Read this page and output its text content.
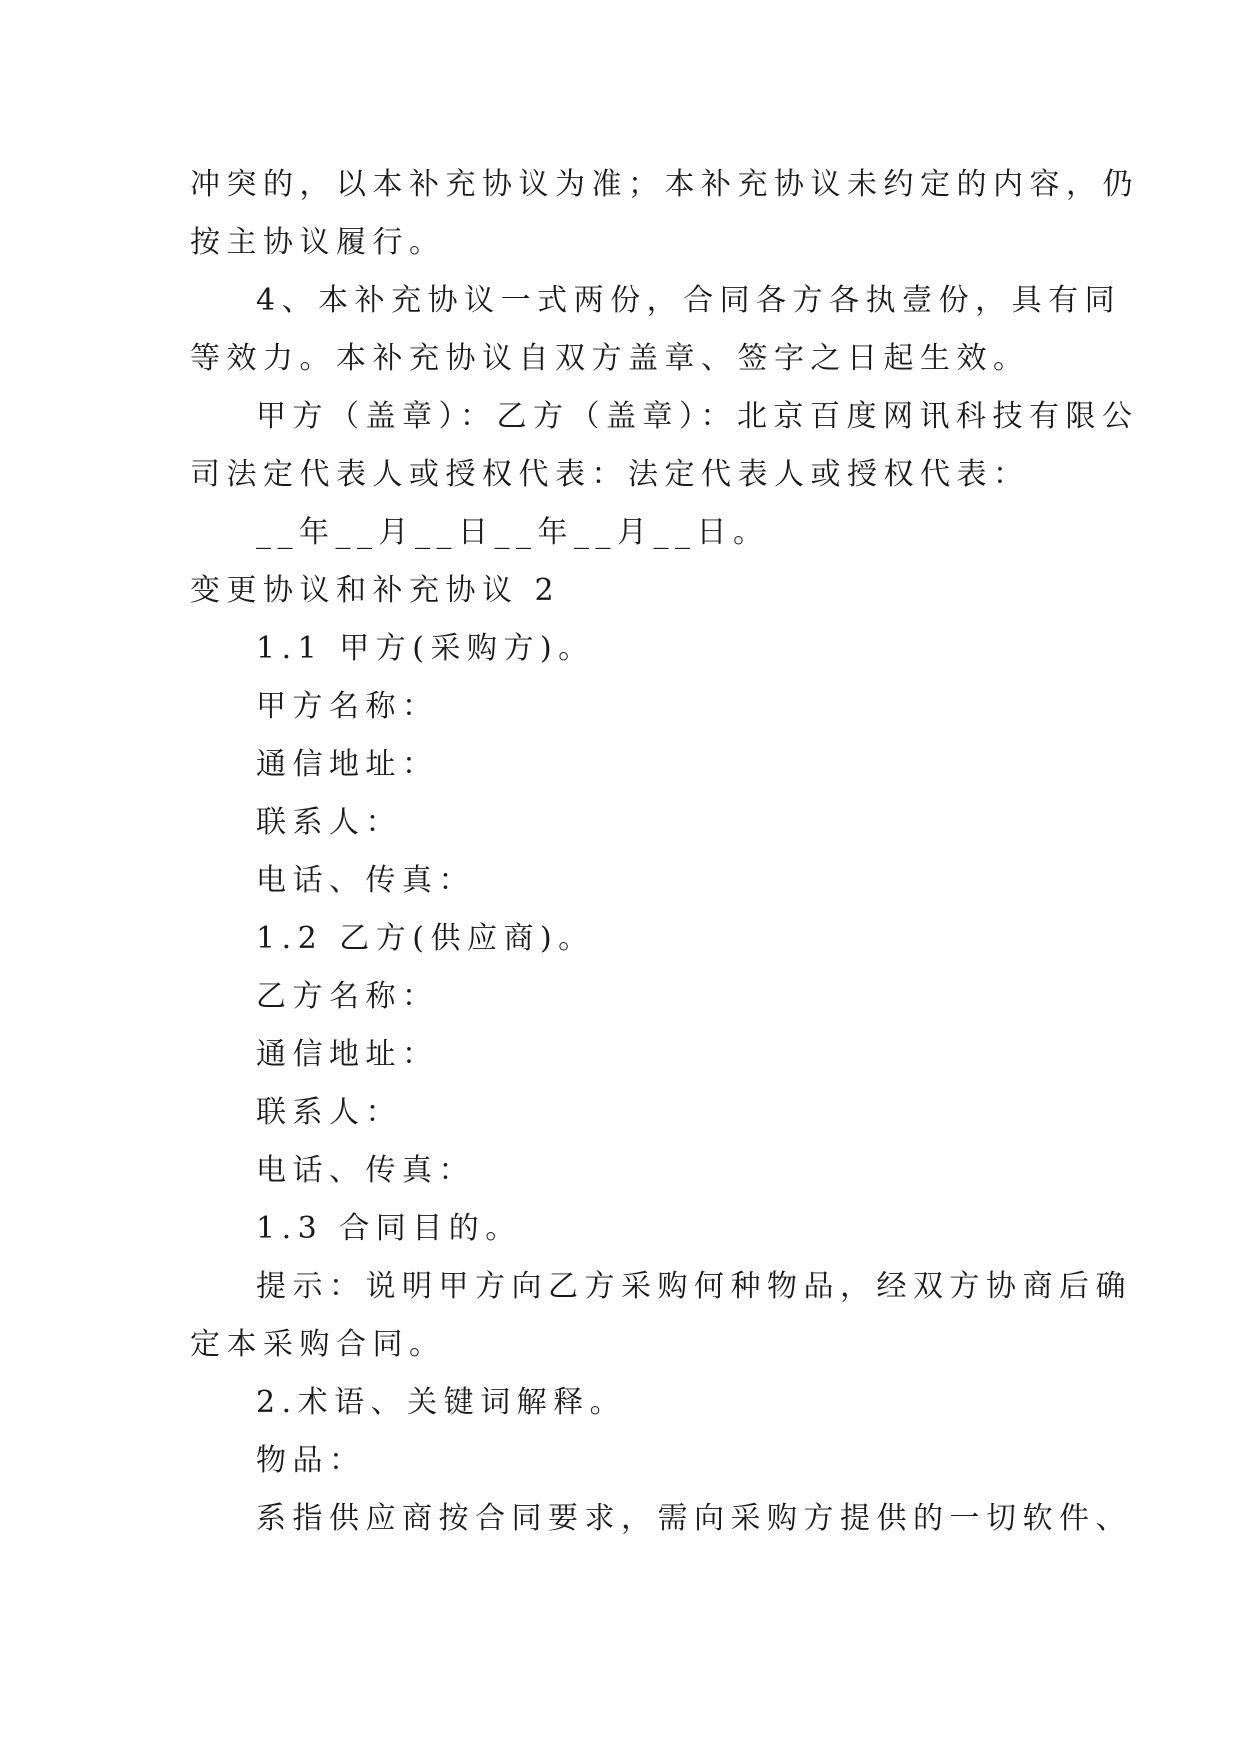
冲突的，以本补充协议为准；本补充协议未约定的内容，仍
按主协议履行。
4、本补充协议一式两份，合同各方各执壹份，具有同
等效力。本补充协议自双方盖章、签字之日起生效。
甲方（盖章）：乙方（盖章）：北京百度网讯科技有限公
司法定代表人或授权代表：法定代表人或授权代表：
__年__月__日__年__月__日。
变更协议和补充协议 2
1.1 甲方(采购方)。
甲方名称：
通信地址：
联系人：
电话、传真：
1.2 乙方(供应商)。
乙方名称：
通信地址：
联系人：
电话、传真：
1.3 合同目的。
提示：说明甲方向乙方采购何种物品，经双方协商后确
定本采购合同。
2.术语、关键词解释。
物品：
系指供应商按合同要求，需向采购方提供的一切软件、
